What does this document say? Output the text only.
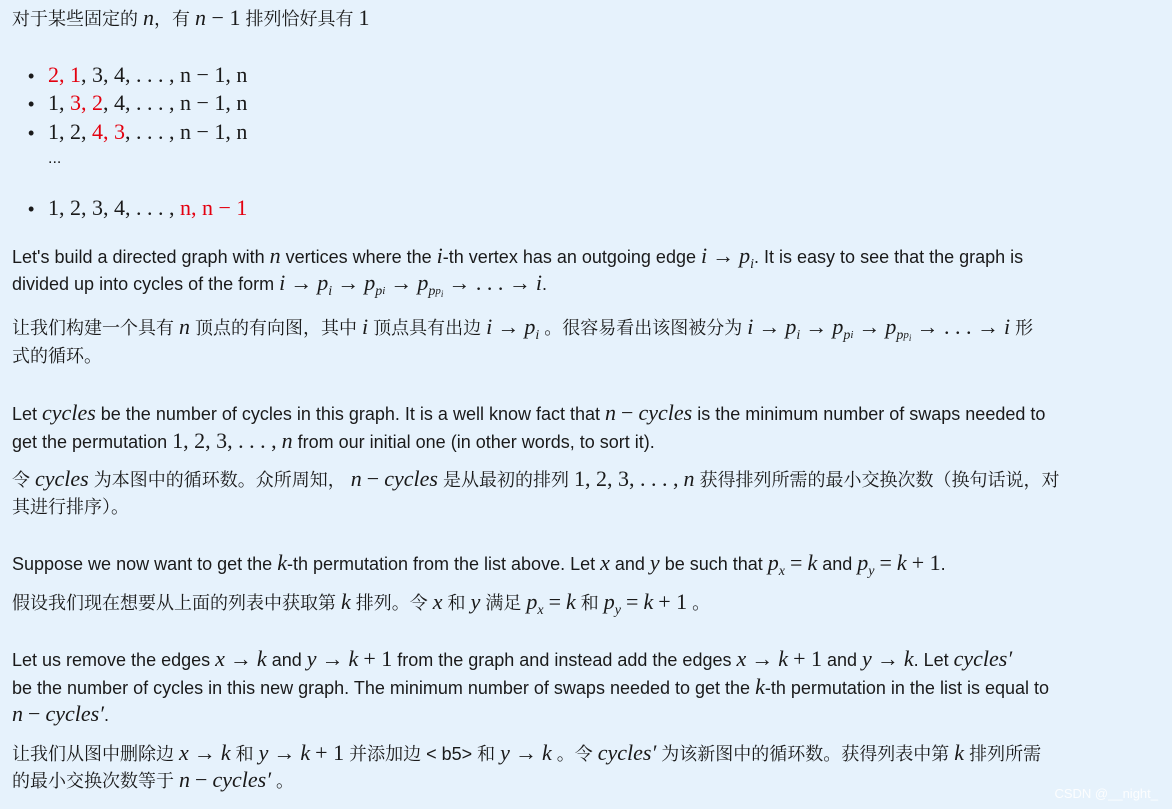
对于某些固定的 n，有 n − 1 排列恰好具有 1
• 2, 1, 3, 4, . . . , n − 1, n
• 1, 3, 2, 4, . . . , n − 1, n
• 1, 2, 4, 3, . . . , n − 1, n
• 1, 2, 3, 4, . . . , n, n − 1
...
Let's build a directed graph with n vertices where the i-th vertex has an outgoing edge $i \to p_i$. It is easy to see that the graph is
divided up into cycles of the form $i \to p_i \to p_{pi} \to p_{pp_i}$ → . . . → i.
让我们构建一个具有 n 顶点的有向图，其中 i 顶点具有出边 $i \to p_i$ 。很容易看出该图被分为 $i \to p_i \to p_{pi} \to p_{pp_i}$ → . . . → i 形
式的循环。
Let cycles be the number of cycles in this graph. It is a well know fact that n − cycles is the minimum number of swaps needed to
get the permutation 1, 2, 3, . . . , n from our initial one (in other words, to sort it).
令 cycles 为本图中的循环数。众所周知， n − cycles 是从最初的排列 1, 2, 3, . . . , n 获得排列所需的最小交换次数（换句话说，对
其进行排序）。
Suppose we now want to get the k-th permutation from the list above. Let x and y be such that $p_x = k$ and $p_y = k + 1$.
假设我们现在想要从上面的列表中获取第 k 排列。令 x 和 y 满足 $p_x = k$ 和 $p_y = k + 1$ 。
Let us remove the edges x → k and y → k + 1 from the graph and instead add the edges x → k + 1 and y → k. Let cycles′
be the number of cycles in this new graph. The minimum number of swaps needed to get the k-th permutation in the list is equal to
n − cycles′.
让我们从图中删除边 x → k 和 y → k + 1 并添加边 < b5> 和 y → k 。令 cycles′ 为该新图中的循环数。获得列表中第 k 排列所需
的最小交换次数等于 n − cycles′ 。
CSDN @__night_
